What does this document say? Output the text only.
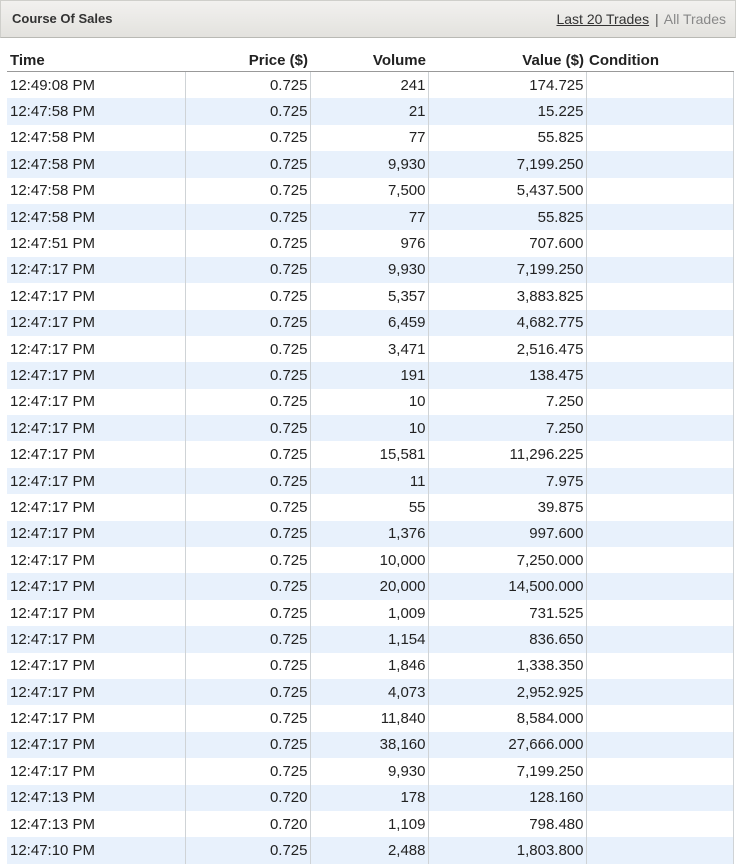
Course Of Sales	Last 20 Trades | All Trades
Time	Price ($)	Volume	Value ($)	Condition
12:49:08 PM	0.725	241	174.725	
12:47:58 PM	0.725	21	15.225	
12:47:58 PM	0.725	77	55.825	
12:47:58 PM	0.725	9,930	7,199.250	
12:47:58 PM	0.725	7,500	5,437.500	
12:47:58 PM	0.725	77	55.825	
12:47:51 PM	0.725	976	707.600	
12:47:17 PM	0.725	9,930	7,199.250	
12:47:17 PM	0.725	5,357	3,883.825	
12:47:17 PM	0.725	6,459	4,682.775	
12:47:17 PM	0.725	3,471	2,516.475	
12:47:17 PM	0.725	191	138.475	
12:47:17 PM	0.725	10	7.250	
12:47:17 PM	0.725	10	7.250	
12:47:17 PM	0.725	15,581	11,296.225	
12:47:17 PM	0.725	11	7.975	
12:47:17 PM	0.725	55	39.875	
12:47:17 PM	0.725	1,376	997.600	
12:47:17 PM	0.725	10,000	7,250.000	
12:47:17 PM	0.725	20,000	14,500.000	
12:47:17 PM	0.725	1,009	731.525	
12:47:17 PM	0.725	1,154	836.650	
12:47:17 PM	0.725	1,846	1,338.350	
12:47:17 PM	0.725	4,073	2,952.925	
12:47:17 PM	0.725	11,840	8,584.000	
12:47:17 PM	0.725	38,160	27,666.000	
12:47:17 PM	0.725	9,930	7,199.250	
12:47:13 PM	0.720	178	128.160	
12:47:13 PM	0.720	1,109	798.480	
12:47:10 PM	0.725	2,488	1,803.800	
